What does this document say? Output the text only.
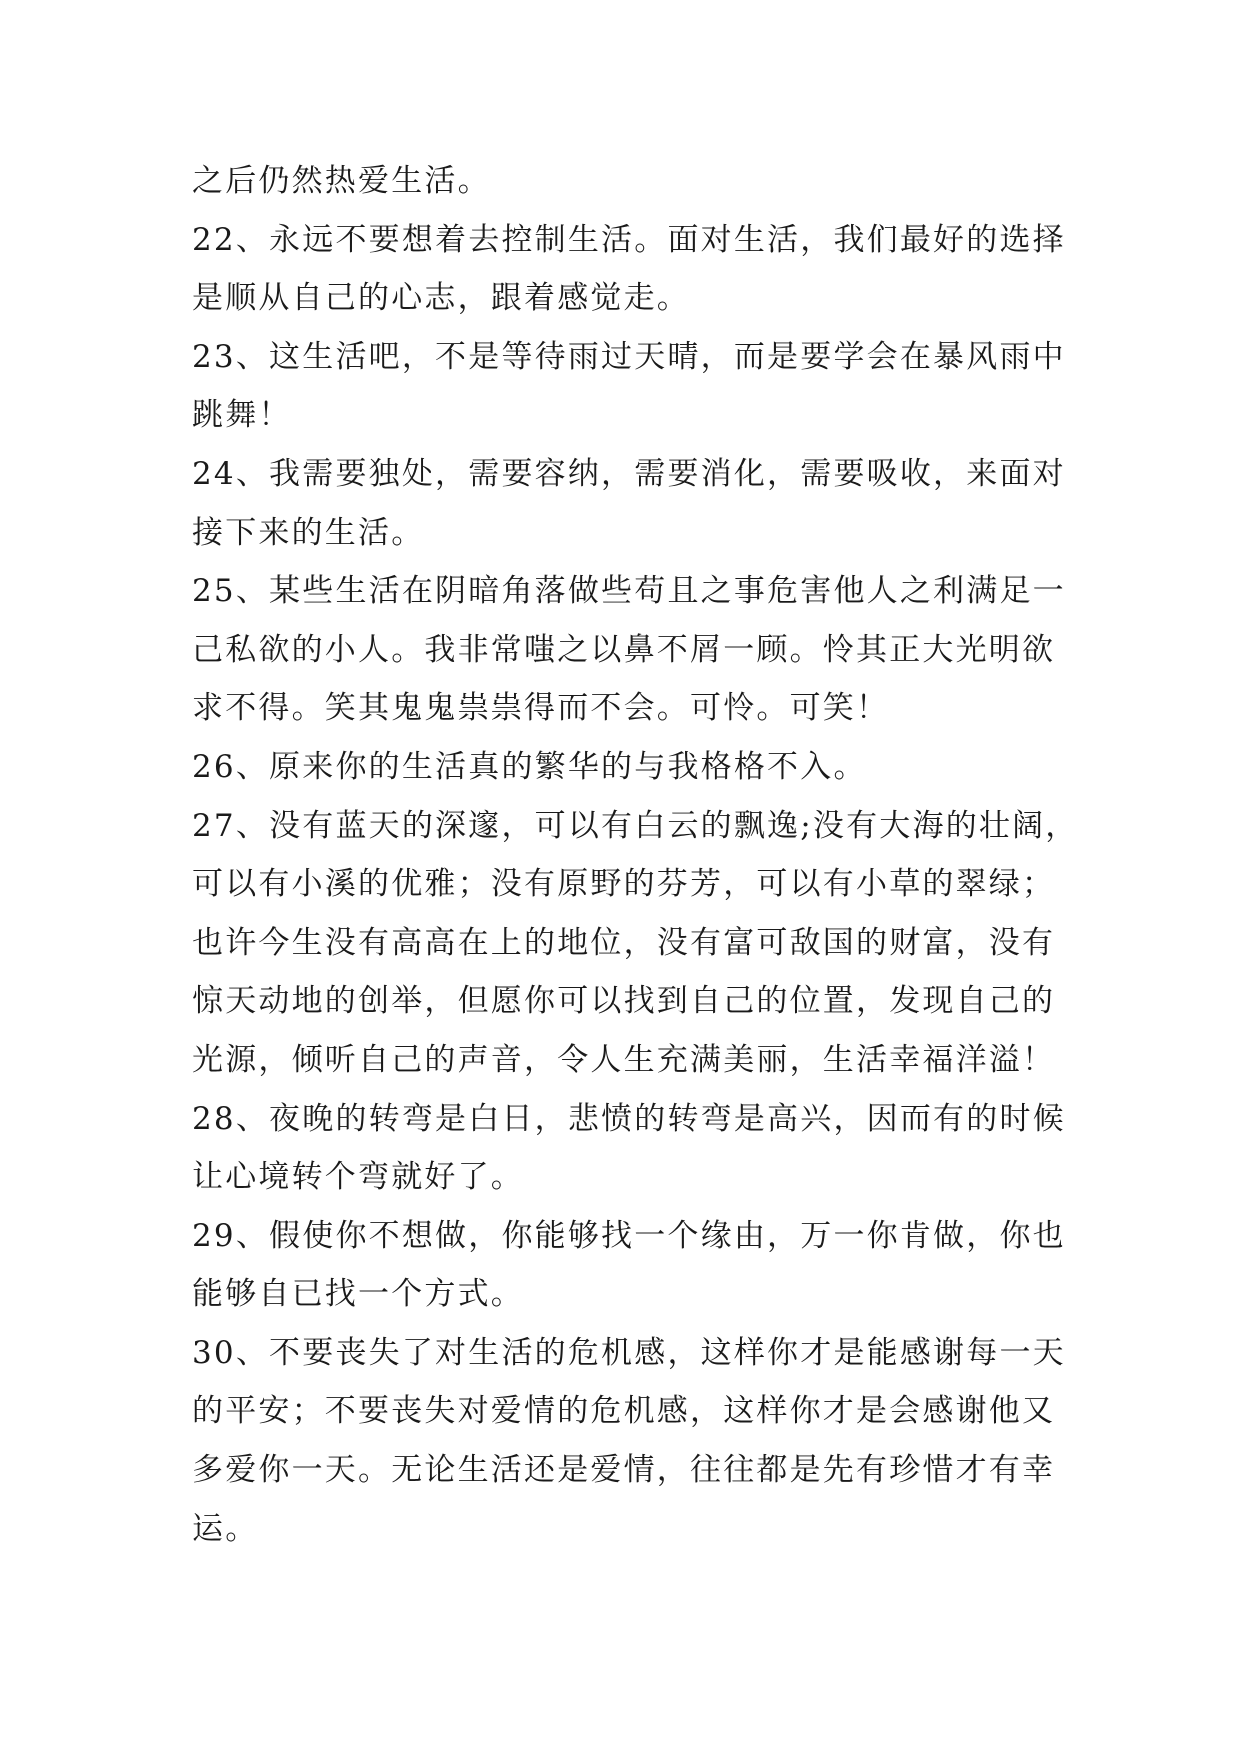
之后仍然热爱生活。
22、永远不要想着去控制生活。面对生活，我们最好的选择
是顺从自己的心志，跟着感觉走。
23、这生活吧，不是等待雨过天晴，而是要学会在暴风雨中
跳舞！
24、我需要独处，需要容纳，需要消化，需要吸收，来面对
接下来的生活。
25、某些生活在阴暗角落做些苟且之事危害他人之利满足一
己私欲的小人。我非常嗤之以鼻不屑一顾。怜其正大光明欲
求不得。笑其鬼鬼祟祟得而不会。可怜。可笑！
26、原来你的生活真的繁华的与我格格不入。
27、没有蓝天的深邃，可以有白云的飘逸;没有大海的壮阔，
可以有小溪的优雅；没有原野的芬芳，可以有小草的翠绿；
也许今生没有高高在上的地位，没有富可敌国的财富，没有
惊天动地的创举，但愿你可以找到自己的位置，发现自己的
光源，倾听自己的声音，令人生充满美丽，生活幸福洋溢！
28、夜晚的转弯是白日，悲愤的转弯是高兴，因而有的时候
让心境转个弯就好了。
29、假使你不想做，你能够找一个缘由，万一你肯做，你也
能够自已找一个方式。
30、不要丧失了对生活的危机感，这样你才是能感谢每一天
的平安；不要丧失对爱情的危机感，这样你才是会感谢他又
多爱你一天。无论生活还是爱情，往往都是先有珍惜才有幸
运。
